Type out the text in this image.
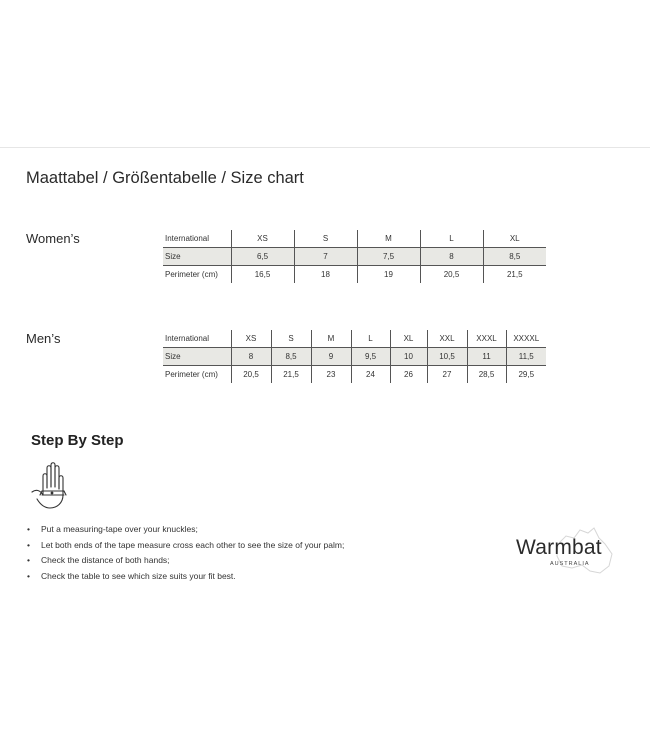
Maattabel / Größentabelle / Size chart
Women’s	International	XS	S	M	L	XL
Size	6,5	7	7,5	8	8,5
Perimeter (cm)	16,5	18	19	20,5	21,5
Men’s	International	XS	S	M	L	XL	XXL	XXXL	XXXXL
Size	8	8,5	9	9,5	10	10,5	11	11,5
Perimeter (cm)	20,5	21,5	23	24	26	27	28,5	29,5
Step By Step
• Put a measuring-tape over your knuckles;
• Let both ends of the tape measure cross each other to see the size of your palm;
• Check the distance of both hands;
• Check the table to see which size suits your fit best.
Warmbat
AUSTRALIA
